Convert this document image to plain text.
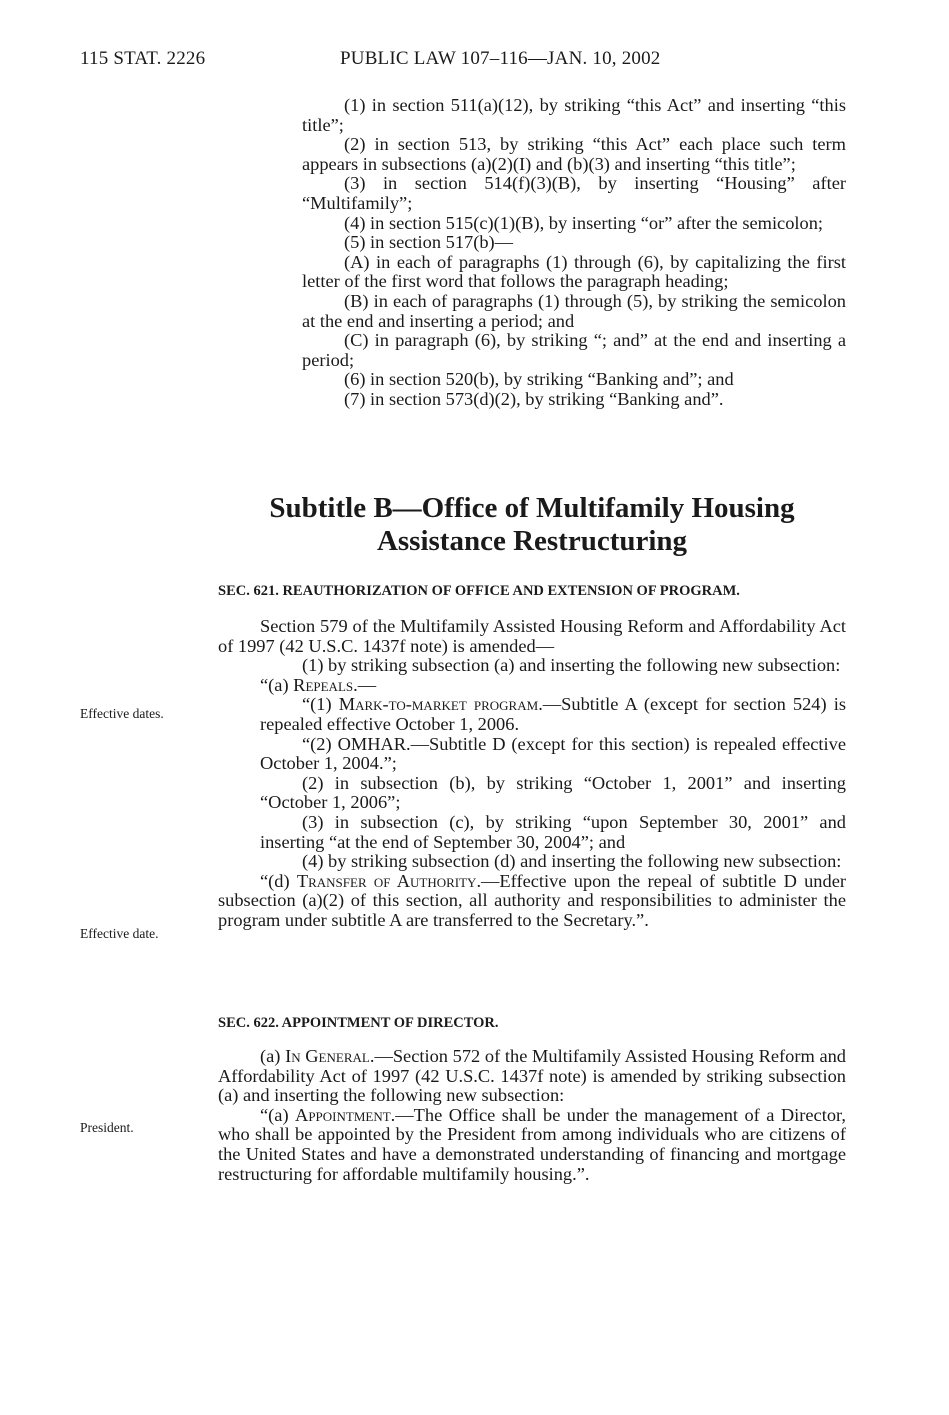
115 STAT. 2226	PUBLIC LAW 107–116—JAN. 10, 2002

(1) in section 511(a)(12), by striking “this Act” and inserting “this title”;

(2) in section 513, by striking “this Act” each place such term appears in subsections (a)(2)(I) and (b)(3) and inserting “this title”;

(3) in section 514(f)(3)(B), by inserting “Housing” after “Multifamily”;

(4) in section 515(c)(1)(B), by inserting “or” after the semicolon;

(5) in section 517(b)—

(A) in each of paragraphs (1) through (6), by capitalizing the first letter of the first word that follows the paragraph heading;

(B) in each of paragraphs (1) through (5), by striking the semicolon at the end and inserting a period; and

(C) in paragraph (6), by striking “; and” at the end and inserting a period;

(6) in section 520(b), by striking “Banking and”; and

(7) in section 573(d)(2), by striking “Banking and”.

Subtitle B—Office of Multifamily Housing
Assistance Restructuring

SEC. 621. REAUTHORIZATION OF OFFICE AND EXTENSION OF PROGRAM.

Section 579 of the Multifamily Assisted Housing Reform and Affordability Act of 1997 (42 U.S.C. 1437f note) is amended—

(1) by striking subsection (a) and inserting the following new subsection:

“(a) Repeals.—

“(1) Mark-to-market program.—Subtitle A (except for section 524) is repealed effective October 1, 2006.

“(2) OMHAR.—Subtitle D (except for this section) is repealed effective October 1, 2004.”;

(2) in subsection (b), by striking “October 1, 2001” and inserting “October 1, 2006”;

(3) in subsection (c), by striking “upon September 30, 2001” and inserting “at the end of September 30, 2004”; and

(4) by striking subsection (d) and inserting the following new subsection:

“(d) Transfer of Authority.—Effective upon the repeal of subtitle D under subsection (a)(2) of this section, all authority and responsibilities to administer the program under subtitle A are transferred to the Secretary.”.

SEC. 622. APPOINTMENT OF DIRECTOR.

(a) In General.—Section 572 of the Multifamily Assisted Housing Reform and Affordability Act of 1997 (42 U.S.C. 1437f note) is amended by striking subsection (a) and inserting the following new subsection:

“(a) Appointment.—The Office shall be under the management of a Director, who shall be appointed by the President from among individuals who are citizens of the United States and have a demonstrated understanding of financing and mortgage restructuring for affordable multifamily housing.”.

Effective dates.
Effective date.
President.
